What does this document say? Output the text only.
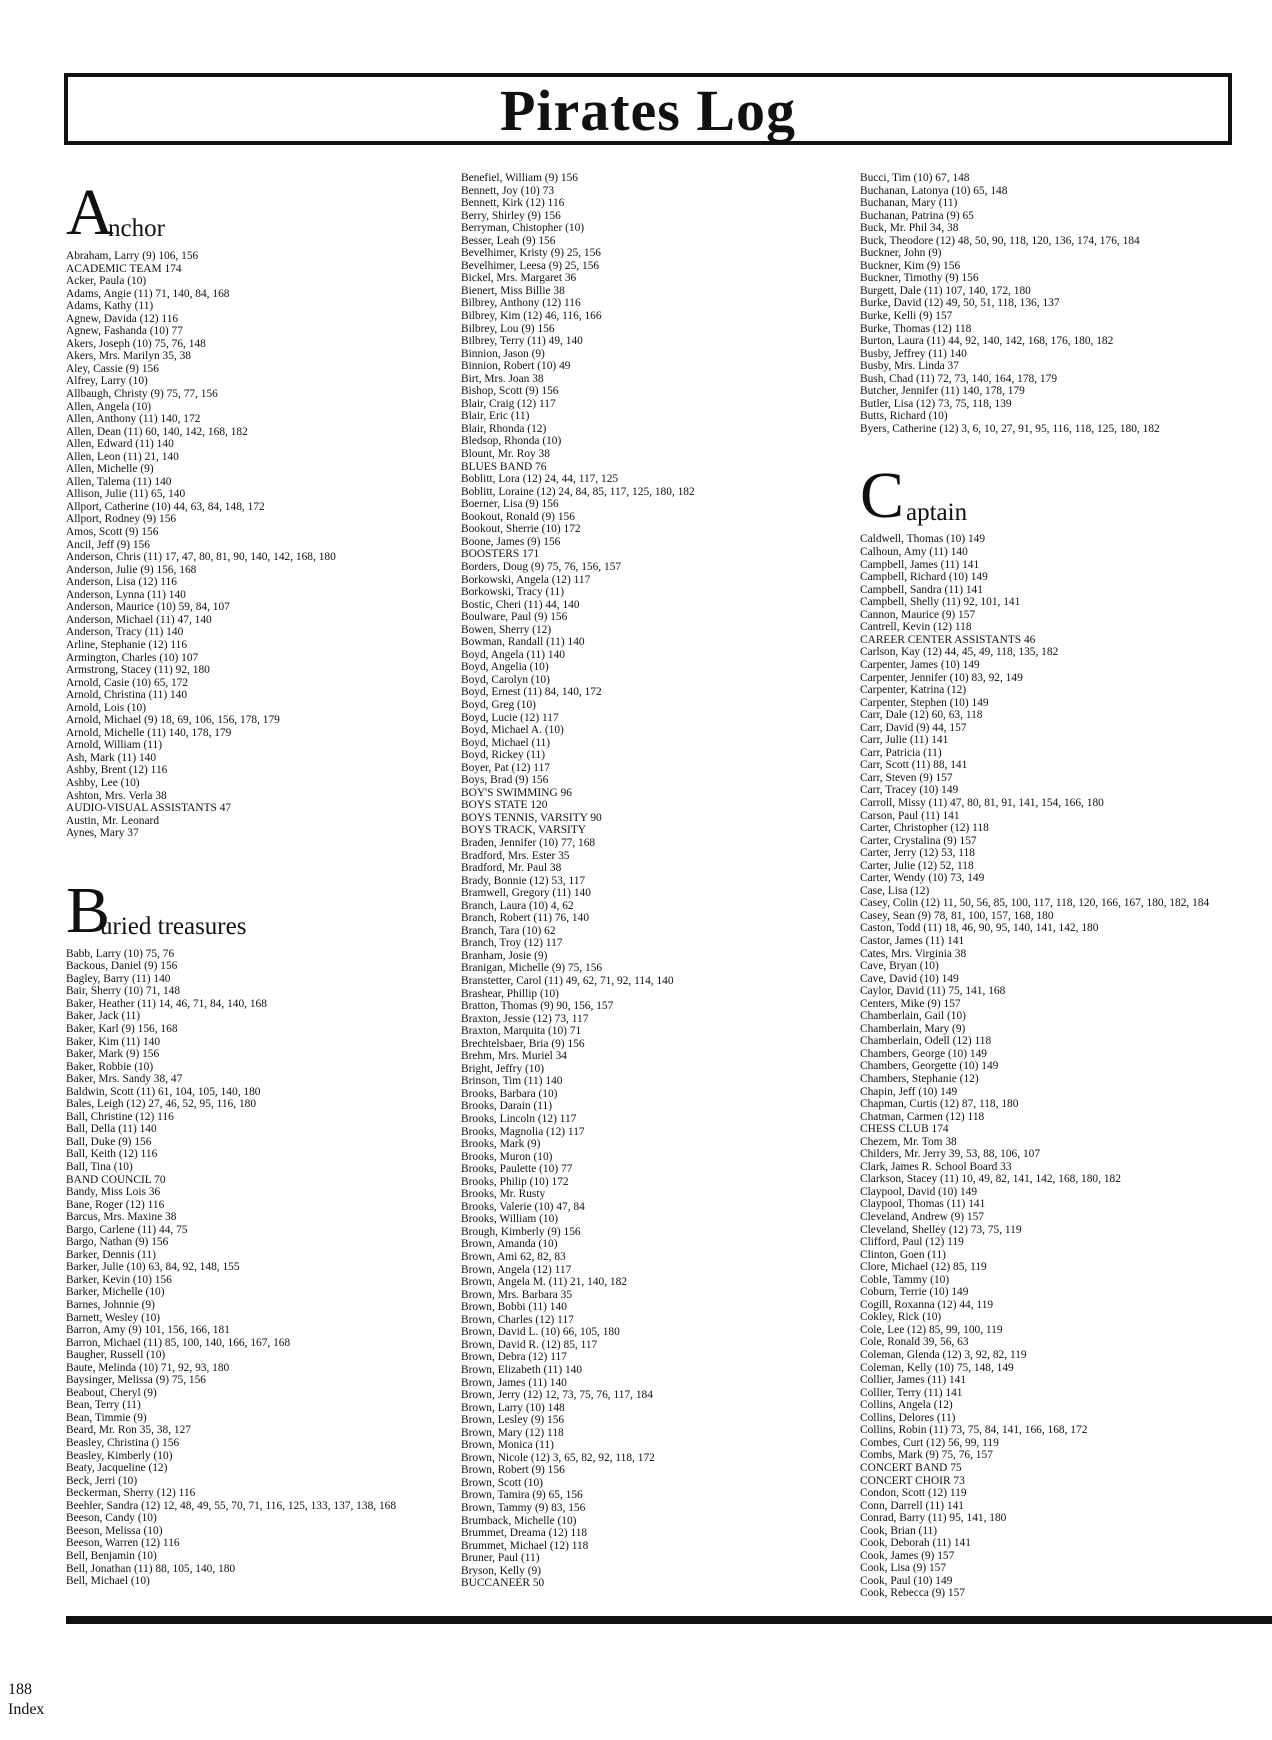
Pirates Log
A
nchor
Abraham, Larry (9) 106, 156
ACADEMIC TEAM 174
Acker, Paula (10)
Adams, Angie (11) 71, 140, 84, 168
Adams, Kathy (11)
Agnew, Davida (12) 116
Agnew, Fashanda (10) 77
Akers, Joseph (10) 75, 76, 148
Akers, Mrs. Marilyn 35, 38
Aley, Cassie (9) 156
Alfrey, Larry (10)
Allbaugh, Christy (9) 75, 77, 156
Allen, Angela (10)
Allen, Anthony (11) 140, 172
Allen, Dean (11) 60, 140, 142, 168, 182
Allen, Edward (11) 140
Allen, Leon (11) 21, 140
Allen, Michelle (9)
Allen, Talema (11) 140
Allison, Julie (11) 65, 140
Allport, Catherine (10) 44, 63, 84, 148, 172
Allport, Rodney (9) 156
Amos, Scott (9) 156
Ancil, Jeff (9) 156
Anderson, Chris (11) 17, 47, 80, 81, 90, 140, 142, 168, 180
Anderson, Julie (9) 156, 168
Anderson, Lisa (12) 116
Anderson, Lynna (11) 140
Anderson, Maurice (10) 59, 84, 107
Anderson, Michael (11) 47, 140
Anderson, Tracy (11) 140
Arline, Stephanie (12) 116
Armington, Charles (10) 107
Armstrong, Stacey (11) 92, 180
Arnold, Casie (10) 65, 172
Arnold, Christina (11) 140
Arnold, Lois (10)
Arnold, Michael (9) 18, 69, 106, 156, 178, 179
Arnold, Michelle (11) 140, 178, 179
Arnold, William (11)
Ash, Mark (11) 140
Ashby, Brent (12) 116
Ashby, Lee (10)
Ashton, Mrs. Verla 38
AUDIO-VISUAL ASSISTANTS 47
Austin, Mr. Leonard
Aynes, Mary 37
B
uried treasures
Babb, Larry (10) 75, 76
Backous, Daniel (9) 156
Bagley, Barry (11) 140
Bair, Sherry (10) 71, 148
Baker, Heather (11) 14, 46, 71, 84, 140, 168
Baker, Jack (11)
Baker, Karl (9) 156, 168
Baker, Kim (11) 140
Baker, Mark (9) 156
Baker, Robbie (10)
Baker, Mrs. Sandy 38, 47
Baldwin, Scott (11) 61, 104, 105, 140, 180
Bales, Leigh (12) 27, 46, 52, 95, 116, 180
Ball, Christine (12) 116
Ball, Della (11) 140
Ball, Duke (9) 156
Ball, Keith (12) 116
Ball, Tina (10)
BAND COUNCIL 70
Bandy, Miss Lois 36
Bane, Roger (12) 116
Barcus, Mrs. Maxine 38
Bargo, Carlene (11) 44, 75
Bargo, Nathan (9) 156
Barker, Dennis (11)
Barker, Julie (10) 63, 84, 92, 148, 155
Barker, Kevin (10) 156
Barker, Michelle (10)
Barnes, Johnnie (9)
Barnett, Wesley (10)
Barron, Amy (9) 101, 156, 166, 181
Barron, Michael (11) 85, 100, 140, 166, 167, 168
Baugher, Russell (10)
Baute, Melinda (10) 71, 92, 93, 180
Baysinger, Melissa (9) 75, 156
Beabout, Cheryl (9)
Bean, Terry (11)
Bean, Timmie (9)
Beard, Mr. Ron 35, 38, 127
Beasley, Christina () 156
Beasley, Kimberly (10)
Beaty, Jacqueline (12)
Beck, Jerri (10)
Beckerman, Sherry (12) 116
Beehler, Sandra (12) 12, 48, 49, 55, 70, 71, 116, 125, 133, 137, 138, 168
Beeson, Candy (10)
Beeson, Melissa (10)
Beeson, Warren (12) 116
Bell, Benjamin (10)
Bell, Jonathan (11) 88, 105, 140, 180
Bell, Michael (10)
Benefiel, William (9) 156
Bennett, Joy (10) 73
Bennett, Kirk (12) 116
Berry, Shirley (9) 156
Berryman, Chistopher (10)
Besser, Leah (9) 156
Bevelhimer, Kristy (9) 25, 156
Bevelhimer, Leesa (9) 25, 156
Bickel, Mrs. Margaret 36
Bienert, Miss Billie 38
Bilbrey, Anthony (12) 116
Bilbrey, Kim (12) 46, 116, 166
Bilbrey, Lou (9) 156
Bilbrey, Terry (11) 49, 140
Binnion, Jason (9)
Binnion, Robert (10) 49
Birt, Mrs. Joan 38
Bishop, Scott (9) 156
Blair, Craig (12) 117
Blair, Eric (11)
Blair, Rhonda (12)
Bledsop, Rhonda (10)
Blount, Mr. Roy 38
BLUES BAND 76
Boblitt, Lora (12) 24, 44, 117, 125
Boblitt, Loraine (12) 24, 84, 85, 117, 125, 180, 182
Boerner, Lisa (9) 156
Bookout, Ronald (9) 156
Bookout, Sherrie (10) 172
Boone, James (9) 156
BOOSTERS 171
Borders, Doug (9) 75, 76, 156, 157
Borkowski, Angela (12) 117
Borkowski, Tracy (11)
Bostic, Cheri (11) 44, 140
Boulware, Paul (9) 156
Bowen, Sherry (12)
Bowman, Randall (11) 140
Boyd, Angela (11) 140
Boyd, Angelia (10)
Boyd, Carolyn (10)
Boyd, Ernest (11) 84, 140, 172
Boyd, Greg (10)
Boyd, Lucie (12) 117
Boyd, Michael A. (10)
Boyd, Michael (11)
Boyd, Rickey (11)
Boyer, Pat (12) 117
Boys, Brad (9) 156
BOY'S SWIMMING 96
BOYS STATE 120
BOYS TENNIS, VARSITY 90
BOYS TRACK, VARSITY
Braden, Jennifer (10) 77, 168
Bradford, Mrs. Ester 35
Bradford, Mr. Paul 38
Brady, Bonnie (12) 53, 117
Bramwell, Gregory (11) 140
Branch, Laura (10) 4, 62
Branch, Robert (11) 76, 140
Branch, Tara (10) 62
Branch, Troy (12) 117
Branham, Josie (9)
Branigan, Michelle (9) 75, 156
Branstetter, Carol (11) 49, 62, 71, 92, 114, 140
Brashear, Phillip (10)
Bratton, Thomas (9) 90, 156, 157
Braxton, Jessie (12) 73, 117
Braxton, Marquita (10) 71
Brechtelsbaer, Bria (9) 156
Brehm, Mrs. Muriel 34
Bright, Jeffry (10)
Brinson, Tim (11) 140
Brooks, Barbara (10)
Brooks, Darain (11)
Brooks, Lincoln (12) 117
Brooks, Magnolia (12) 117
Brooks, Mark (9)
Brooks, Muron (10)
Brooks, Paulette (10) 77
Brooks, Philip (10) 172
Brooks, Mr. Rusty
Brooks, Valerie (10) 47, 84
Brooks, William (10)
Brough, Kimberly (9) 156
Brown, Amanda (10)
Brown, Ami 62, 82, 83
Brown, Angela (12) 117
Brown, Angela M. (11) 21, 140, 182
Brown, Mrs. Barbara 35
Brown, Bobbi (11) 140
Brown, Charles (12) 117
Brown, David L. (10) 66, 105, 180
Brown, David R. (12) 85, 117
Brown, Debra (12) 117
Brown, Elizabeth (11) 140
Brown, James (11) 140
Brown, Jerry (12) 12, 73, 75, 76, 117, 184
Brown, Larry (10) 148
Brown, Lesley (9) 156
Brown, Mary (12) 118
Brown, Monica (11)
Brown, Nicole (12) 3, 65, 82, 92, 118, 172
Brown, Robert (9) 156
Brown, Scott (10)
Brown, Tamira (9) 65, 156
Brown, Tammy (9) 83, 156
Brumback, Michelle (10)
Brummet, Dreama (12) 118
Brummet, Michael (12) 118
Bruner, Paul (11)
Bryson, Kelly (9)
BUCCANEER 50
Bucci, Tim (10) 67, 148
Buchanan, Latonya (10) 65, 148
Buchanan, Mary (11)
Buchanan, Patrina (9) 65
Buck, Mr. Phil 34, 38
Buck, Theodore (12) 48, 50, 90, 118, 120, 136, 174, 176, 184
Buckner, John (9)
Buckner, Kim (9) 156
Buckner, Timothy (9) 156
Burgett, Dale (11) 107, 140, 172, 180
Burke, David (12) 49, 50, 51, 118, 136, 137
Burke, Kelli (9) 157
Burke, Thomas (12) 118
Burton, Laura (11) 44, 92, 140, 142, 168, 176, 180, 182
Busby, Jeffrey (11) 140
Busby, Mrs. Linda 37
Bush, Chad (11) 72, 73, 140, 164, 178, 179
Butcher, Jennifer (11) 140, 178, 179
Butler, Lisa (12) 73, 75, 118, 139
Butts, Richard (10)
Byers, Catherine (12) 3, 6, 10, 27, 91, 95, 116, 118, 125, 180, 182
C aptain
Caldwell, Thomas (10) 149
Calhoun, Amy (11) 140
Campbell, James (11) 141
Campbell, Richard (10) 149
Campbell, Sandra (11) 141
Campbell, Shelly (11) 92, 101, 141
Cannon, Maurice (9) 157
Cantrell, Kevin (12) 118
CAREER CENTER ASSISTANTS 46
Carlson, Kay (12) 44, 45, 49, 118, 135, 182
Carpenter, James (10) 149
Carpenter, Jennifer (10) 83, 92, 149
Carpenter, Katrina (12)
Carpenter, Stephen (10) 149
Carr, Dale (12) 60, 63, 118
Carr, David (9) 44, 157
Carr, Julie (11) 141
Carr, Patricia (11)
Carr, Scott (11) 88, 141
Carr, Steven (9) 157
Carr, Tracey (10) 149
Carroll, Missy (11) 47, 80, 81, 91, 141, 154, 166, 180
Carson, Paul (11) 141
Carter, Christopher (12) 118
Carter, Crystalina (9) 157
Carter, Jerry (12) 53, 118
Carter, Julie (12) 52, 118
Carter, Wendy (10) 73, 149
Case, Lisa (12)
Casey, Colin (12) 11, 50, 56, 85, 100, 117, 118, 120, 166, 167, 180, 182, 184
Casey, Sean (9) 78, 81, 100, 157, 168, 180
Caston, Todd (11) 18, 46, 90, 95, 140, 141, 142, 180
Castor, James (11) 141
Cates, Mrs. Virginia 38
Cave, Bryan (10)
Cave, David (10) 149
Caylor, David (11) 75, 141, 168
Centers, Mike (9) 157
Chamberlain, Gail (10)
Chamberlain, Mary (9)
Chamberlain, Odell (12) 118
Chambers, George (10) 149
Chambers, Georgette (10) 149
Chambers, Stephanie (12)
Chapin, Jeff (10) 149
Chapman, Curtis (12) 87, 118, 180
Chatman, Carmen (12) 118
CHESS CLUB 174
Chezem, Mr. Tom 38
Childers, Mr. Jerry 39, 53, 88, 106, 107
Clark, James R. School Board 33
Clarkson, Stacey (11) 10, 49, 82, 141, 142, 168, 180, 182
Claypool, David (10) 149
Claypool, Thomas (11) 141
Cleveland, Andrew (9) 157
Cleveland, Shelley (12) 73, 75, 119
Clifford, Paul (12) 119
Clinton, Goen (11)
Clore, Michael (12) 85, 119
Coble, Tammy (10)
Coburn, Terrie (10) 149
Cogill, Roxanna (12) 44, 119
Cokley, Rick (10)
Cole, Lee (12) 85, 99, 100, 119
Cole, Ronald 39, 56, 63
Coleman, Glenda (12) 3, 92, 82, 119
Coleman, Kelly (10) 75, 148, 149
Collier, James (11) 141
Collier, Terry (11) 141
Collins, Angela (12)
Collins, Delores (11)
Collins, Robin (11) 73, 75, 84, 141, 166, 168, 172
Combes, Curt (12) 56, 99, 119
Combs, Mark (9) 75, 76, 157
CONCERT BAND 75
CONCERT CHOIR 73
Condon, Scott (12) 119
Conn, Darrell (11) 141
Conrad, Barry (11) 95, 141, 180
Cook, Brian (11)
Cook, Deborah (11) 141
Cook, James (9) 157
Cook, Lisa (9) 157
Cook, Paul (10) 149
Cook, Rebecca (9) 157
188
Index
